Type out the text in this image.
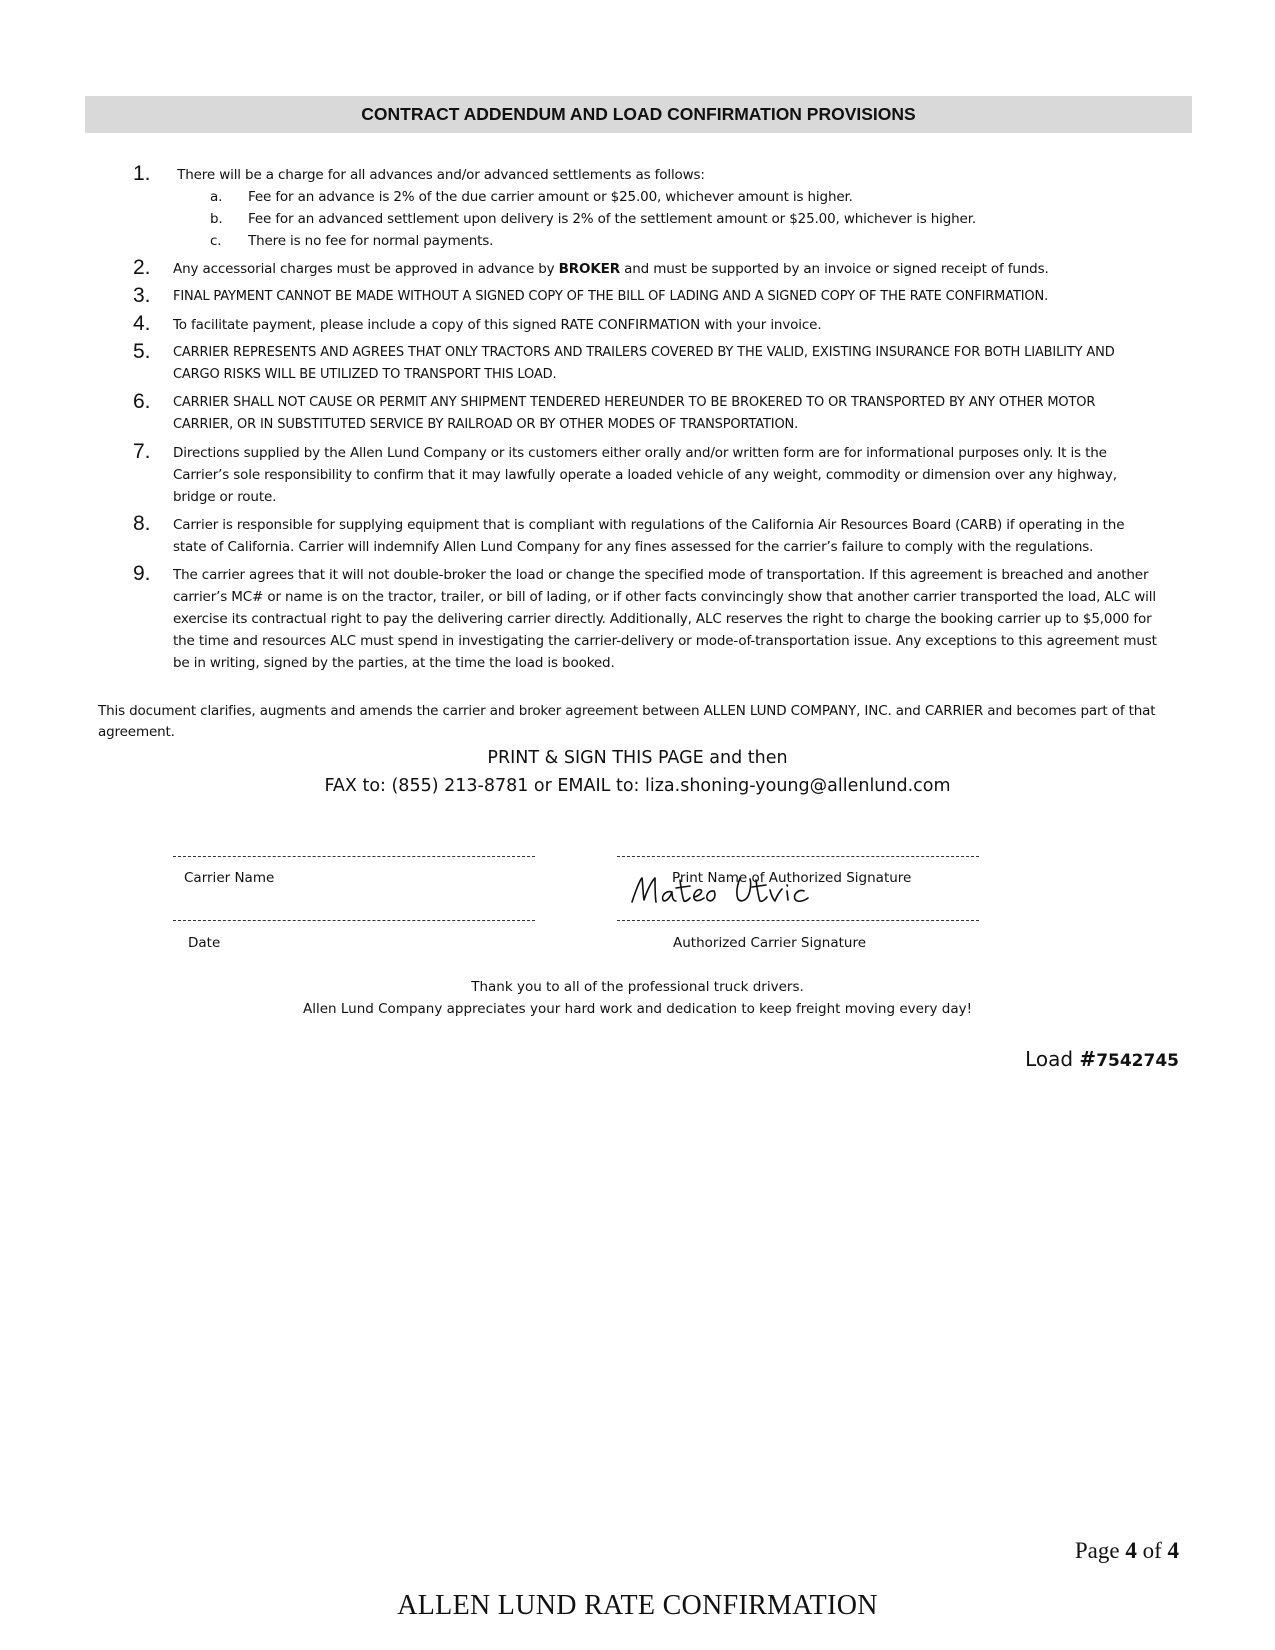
CONTRACT ADDENDUM AND LOAD CONFIRMATION PROVISIONS
1. There will be a charge for all advances and/or advanced settlements as follows:
a. Fee for an advance is 2% of the due carrier amount or $25.00, whichever amount is higher.
b. Fee for an advanced settlement upon delivery is 2% of the settlement amount or $25.00, whichever is higher.
c. There is no fee for normal payments.
2. Any accessorial charges must be approved in advance by BROKER and must be supported by an invoice or signed receipt of funds.
3. FINAL PAYMENT CANNOT BE MADE WITHOUT A SIGNED COPY OF THE BILL OF LADING AND A SIGNED COPY OF THE RATE CONFIRMATION.
4. To facilitate payment, please include a copy of this signed RATE CONFIRMATION with your invoice.
5. CARRIER REPRESENTS AND AGREES THAT ONLY TRACTORS AND TRAILERS COVERED BY THE VALID, EXISTING INSURANCE FOR BOTH LIABILITY AND
CARGO RISKS WILL BE UTILIZED TO TRANSPORT THIS LOAD.
6. CARRIER SHALL NOT CAUSE OR PERMIT ANY SHIPMENT TENDERED HEREUNDER TO BE BROKERED TO OR TRANSPORTED BY ANY OTHER MOTOR
CARRIER, OR IN SUBSTITUTED SERVICE BY RAILROAD OR BY OTHER MODES OF TRANSPORTATION.
7. Directions supplied by the Allen Lund Company or its customers either orally and/or written form are for informational purposes only. It is the
Carrier’s sole responsibility to confirm that it may lawfully operate a loaded vehicle of any weight, commodity or dimension over any highway,
bridge or route.
8. Carrier is responsible for supplying equipment that is compliant with regulations of the California Air Resources Board (CARB) if operating in the
state of California. Carrier will indemnify Allen Lund Company for any fines assessed for the carrier’s failure to comply with the regulations.
9. The carrier agrees that it will not double-broker the load or change the specified mode of transportation. If this agreement is breached and another
carrier’s MC# or name is on the tractor, trailer, or bill of lading, or if other facts convincingly show that another carrier transported the load, ALC will
exercise its contractual right to pay the delivering carrier directly. Additionally, ALC reserves the right to charge the booking carrier up to $5,000 for
the time and resources ALC must spend in investigating the carrier-delivery or mode-of-transportation issue. Any exceptions to this agreement must
be in writing, signed by the parties, at the time the load is booked.
This document clarifies, augments and amends the carrier and broker agreement between ALLEN LUND COMPANY, INC. and CARRIER and becomes part of that
agreement.
PRINT & SIGN THIS PAGE and then
FAX to: (855) 213-8781 or EMAIL to: liza.shoning-young@allenlund.com
Carrier Name	Print Name of Authorized Signature
Date	Authorized Carrier Signature
Thank you to all of the professional truck drivers.
Allen Lund Company appreciates your hard work and dedication to keep freight moving every day!
Load #7542745
Page 4 of 4
ALLEN LUND RATE CONFIRMATION
